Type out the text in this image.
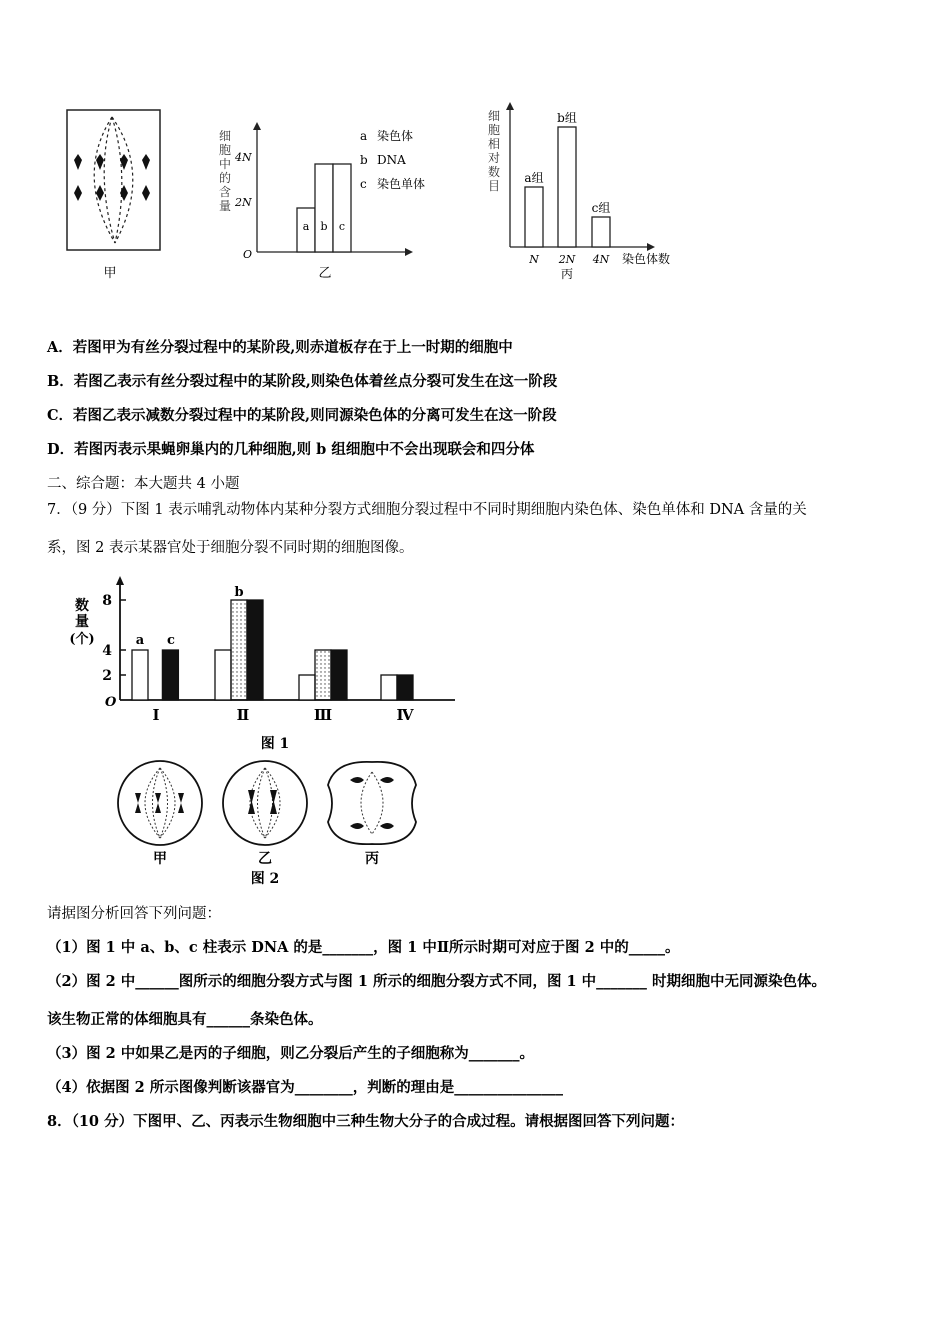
甲
细胞中的含量
4N
2N
O
a b c
a 染色体
b DNA
c 染色单体
乙
细胞相对数目
a组
b组
c组
N 2N 4N 染色体数
丙
A．若图甲为有丝分裂过程中的某阶段,则赤道板存在于上一时期的细胞中
B．若图乙表示有丝分裂过程中的某阶段,则染色体着丝点分裂可发生在这一阶段
C．若图乙表示减数分裂过程中的某阶段,则同源染色体的分离可发生在这一阶段
D．若图丙表示果蝇卵巢内的几种细胞,则 b 组细胞中不会出现联会和四分体
二、综合题：本大题共 4 小题
7．（9 分）下图 1 表示哺乳动物体内某种分裂方式细胞分裂过程中不同时期细胞内染色体、染色单体和 DNA 含量的关
系，图 2 表示某器官处于细胞分裂不同时期的细胞图像。
数
量
(个)
O
2
4
8
a c
b
Ⅰ	Ⅱ	Ⅲ	Ⅳ
图 1
甲	乙	丙
图 2
请据图分析回答下列问题：
（1）图 1 中 a、b、c 柱表示 DNA 的是_______，图 1 中Ⅱ所示时期可对应于图 2 中的_____。
（2）图 2 中______图所示的细胞分裂方式与图 1 所示的细胞分裂方式不同，图 1 中_______ 时期细胞中无同源染色体。
该生物正常的体细胞具有______条染色体。
（3）图 2 中如果乙是丙的子细胞，则乙分裂后产生的子细胞称为_______。
（4）依据图 2 所示图像判断该器官为________，判断的理由是_______________
8．（10 分）下图甲、乙、丙表示生物细胞中三种生物大分子的合成过程。请根据图回答下列问题：
